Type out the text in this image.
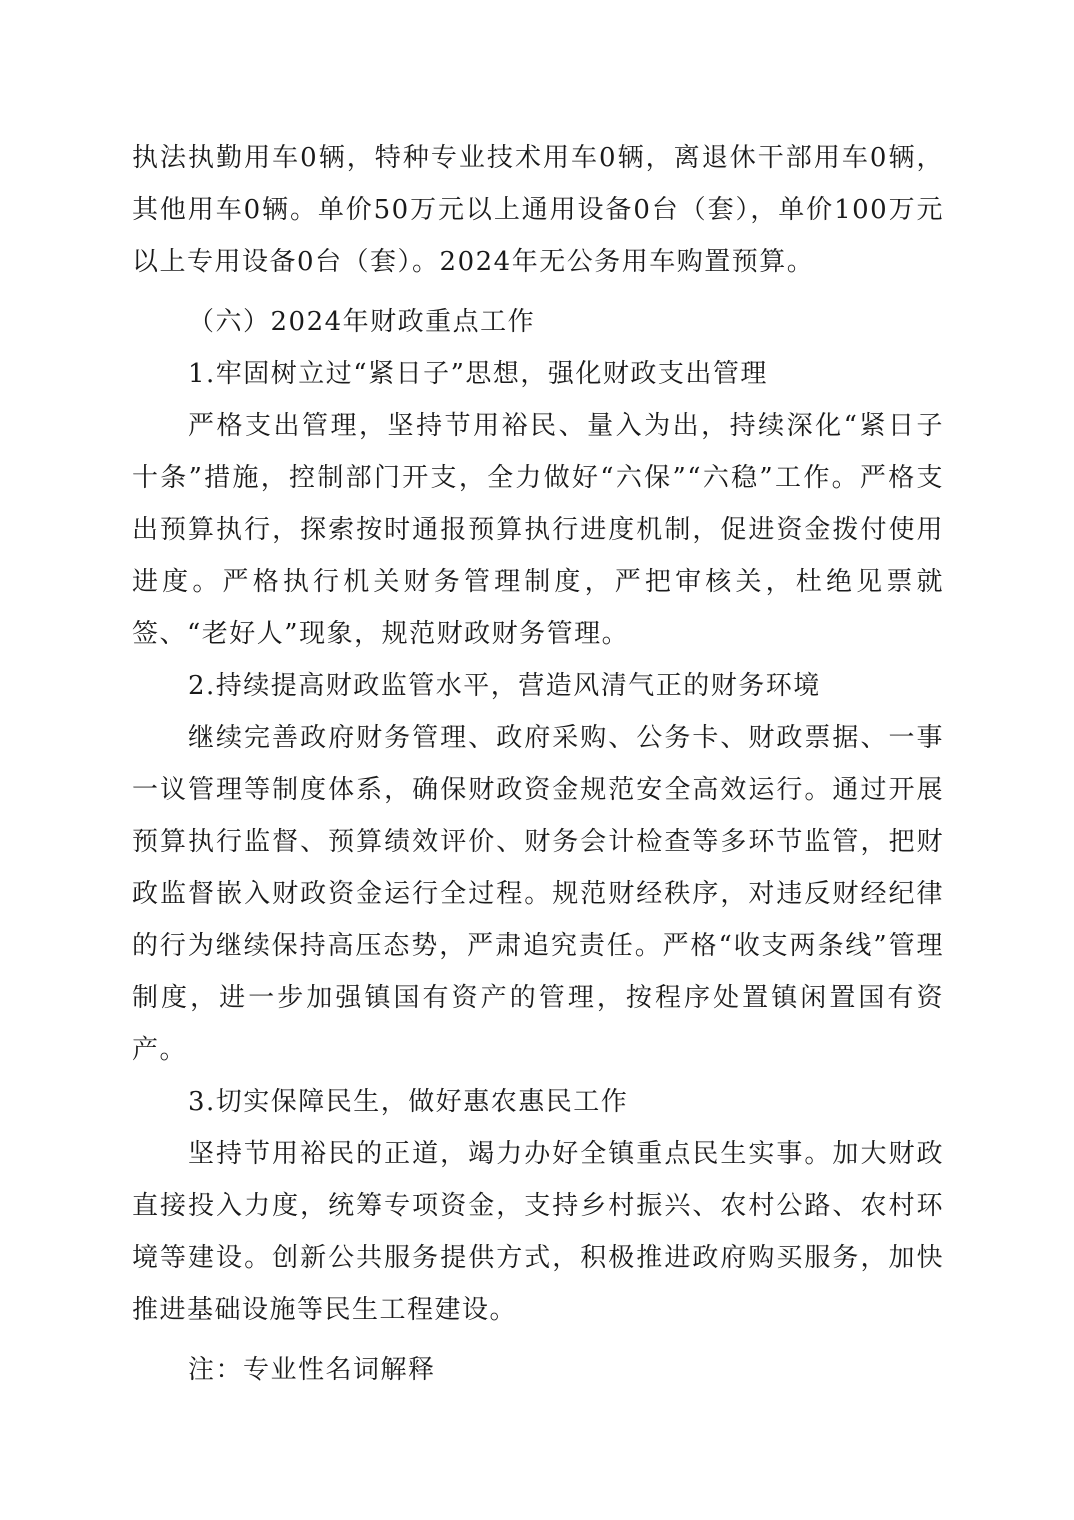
执法执勤用车0辆，特种专业技术用车0辆，离退休干部用车0辆，其他用车0辆。单价50万元以上通用设备0台（套），单价100万元以上专用设备0台（套）。2024年无公务用车购置预算。

（六）2024年财政重点工作

1.牢固树立过“紧日子”思想，强化财政支出管理

严格支出管理，坚持节用裕民、量入为出，持续深化“紧日子十条”措施，控制部门开支，全力做好“六保”“六稳”工作。严格支出预算执行，探索按时通报预算执行进度机制，促进资金拨付使用进度。严格执行机关财务管理制度，严把审核关，杜绝见票就签、“老好人”现象，规范财政财务管理。

2.持续提高财政监管水平，营造风清气正的财务环境

继续完善政府财务管理、政府采购、公务卡、财政票据、一事一议管理等制度体系，确保财政资金规范安全高效运行。通过开展预算执行监督、预算绩效评价、财务会计检查等多环节监管，把财政监督嵌入财政资金运行全过程。规范财经秩序，对违反财经纪律的行为继续保持高压态势，严肃追究责任。严格“收支两条线”管理制度，进一步加强镇国有资产的管理，按程序处置镇闲置国有资产。

3.切实保障民生，做好惠农惠民工作

坚持节用裕民的正道，竭力办好全镇重点民生实事。加大财政直接投入力度，统筹专项资金，支持乡村振兴、农村公路、农村环境等建设。创新公共服务提供方式，积极推进政府购买服务，加快推进基础设施等民生工程建设。

注：专业性名词解释
